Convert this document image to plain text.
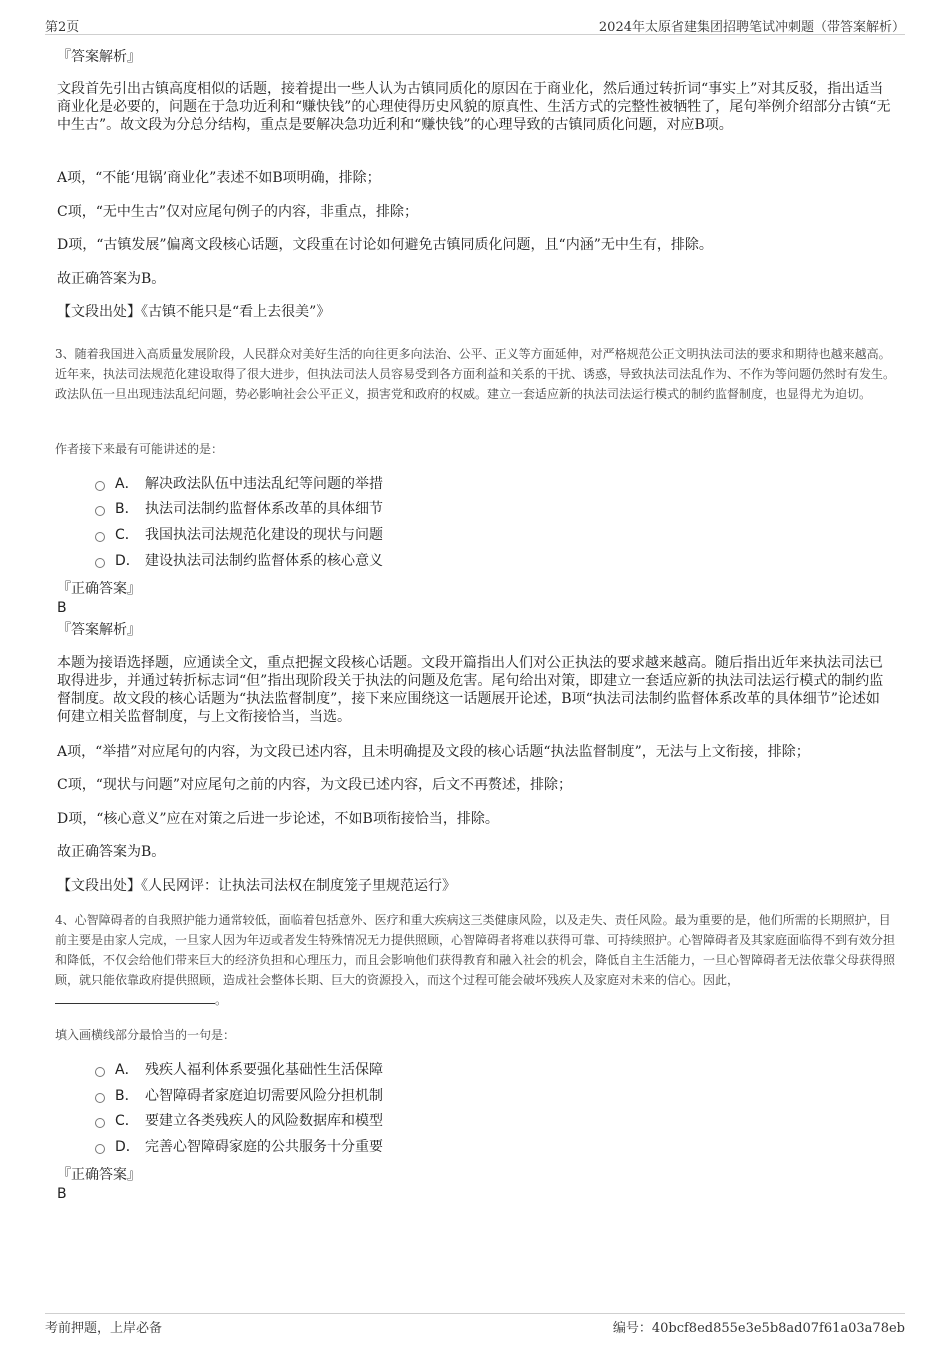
第2页	2024年太原省建集团招聘笔试冲刺题（带答案解析）
『答案解析』
文段首先引出古镇高度相似的话题，接着提出一些人认为古镇同质化的原因在于商业化，然后通过转折词“事实上”对其反驳，指出适当商业化是必要的，问题在于急功近利和“赚快钱”的心理使得历史风貌的原真性、生活方式的完整性被牺牲了，尾句举例介绍部分古镇“无中生古”。故文段为分总分结构，重点是要解决急功近利和“赚快钱”的心理导致的古镇同质化问题，对应B项。
A项，“不能‘甩锅’商业化”表述不如B项明确，排除；
C项，“无中生古”仅对应尾句例子的内容，非重点，排除；
D项，“古镇发展”偏离文段核心话题，文段重在讨论如何避免古镇同质化问题，且“内涵”无中生有，排除。
故正确答案为B。
【文段出处】《古镇不能只是“看上去很美”》
3、随着我国进入高质量发展阶段，人民群众对美好生活的向往更多向法治、公平、正义等方面延伸，对严格规范公正文明执法司法的要求和期待也越来越高。近年来，执法司法规范化建设取得了很大进步，但执法司法人员容易受到各方面利益和关系的干扰、诱惑，导致执法司法乱作为、不作为等问题仍然时有发生。政法队伍一旦出现违法乱纪问题，势必影响社会公平正义，损害党和政府的权威。建立一套适应新的执法司法运行模式的制约监督制度，也显得尤为迫切。
作者接下来最有可能讲述的是：
A． 解决政法队伍中违法乱纪等问题的举措
B． 执法司法制约监督体系改革的具体细节
C． 我国执法司法规范化建设的现状与问题
D． 建设执法司法制约监督体系的核心意义
『正确答案』
B
『答案解析』
本题为接语选择题，应通读全文，重点把握文段核心话题。文段开篇指出人们对公正执法的要求越来越高。随后指出近年来执法司法已取得进步，并通过转折标志词“但”指出现阶段关于执法的问题及危害。尾句给出对策，即建立一套适应新的执法司法运行模式的制约监督制度。故文段的核心话题为“执法监督制度”，接下来应围绕这一话题展开论述，B项“执法司法制约监督体系改革的具体细节”论述如何建立相关监督制度，与上文衔接恰当，当选。
A项，“举措”对应尾句的内容，为文段已述内容，且未明确提及文段的核心话题“执法监督制度”，无法与上文衔接，排除；
C项，“现状与问题”对应尾句之前的内容，为文段已述内容，后文不再赘述，排除；
D项，“核心意义”应在对策之后进一步论述，不如B项衔接恰当，排除。
故正确答案为B。
【文段出处】《人民网评：让执法司法权在制度笼子里规范运行》
4、心智障碍者的自我照护能力通常较低，面临着包括意外、医疗和重大疾病这三类健康风险，以及走失、责任风险。最为重要的是，他们所需的长期照护，目前主要是由家人完成，一旦家人因为年迈或者发生特殊情况无力提供照顾，心智障碍者将难以获得可靠、可持续照护。心智障碍者及其家庭面临得不到有效分担和降低，不仅会给他们带来巨大的经济负担和心理压力，而且会影响他们获得教育和融入社会的机会，降低自主生活能力，一旦心智障碍者无法依靠父母获得照顾，就只能依靠政府提供照顾，造成社会整体长期、巨大的资源投入，而这个过程可能会破坏残疾人及家庭对未来的信心。因此，。
填入画横线部分最恰当的一句是：
A． 残疾人福利体系要强化基础性生活保障
B． 心智障碍者家庭迫切需要风险分担机制
C． 要建立各类残疾人的风险数据库和模型
D． 完善心智障碍家庭的公共服务十分重要
『正确答案』
B
考前押题，上岸必备	编号：40bcf8ed855e3e5b8ad07f61a03a78eb
